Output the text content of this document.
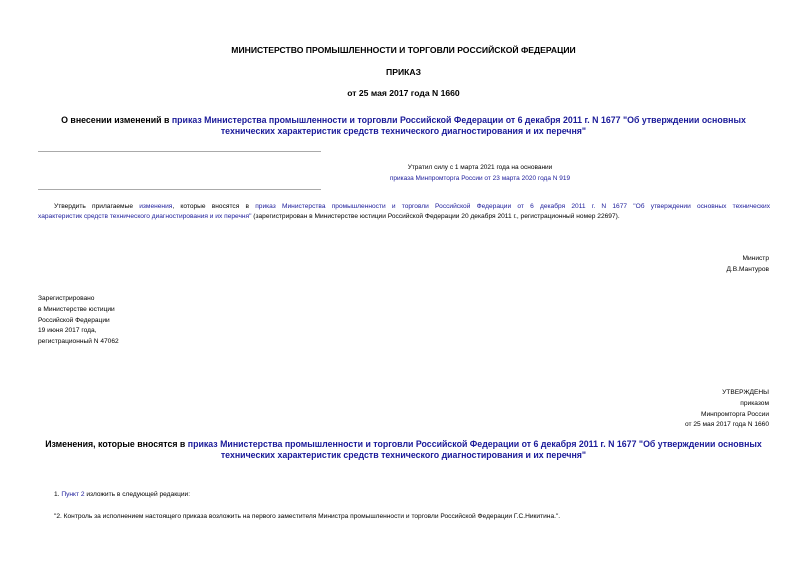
МИНИСТЕРСТВО ПРОМЫШЛЕННОСТИ И ТОРГОВЛИ РОССИЙСКОЙ ФЕДЕРАЦИИ
ПРИКАЗ
от 25 мая 2017 года N 1660
О внесении изменений в приказ Министерства промышленности и торговли Российской Федерации от 6 декабря 2011 г. N 1677 "Об утверждении основных
технических характеристик средств технического диагностирования и их перечня"
Утратил силу с 1 марта 2021 года на основании
приказа Минпромторга России от 23 марта 2020 года N 919
Утвердить прилагаемые изменения, которые вносятся в приказ Министерства промышленности и торговли Российской Федерации от 6 декабря 2011 г. N 1677 "Об утверждении основных технических
характеристик средств технического диагностирования и их перечня" (зарегистрирован в Министерстве юстиции Российской Федерации 20 декабря 2011 г., регистрационный номер 22697).
Министр
Д.В.Мантуров
Зарегистрировано
в Министерстве юстиции
Российской Федерации
19 июня 2017 года,
регистрационный N 47062
УТВЕРЖДЕНЫ
приказом
Минпромторга России
от 25 мая 2017 года N 1660
Изменения, которые вносятся в приказ Министерства промышленности и торговли Российской Федерации от 6 декабря 2011 г. N 1677 "Об утверждении основных
технических характеристик средств технического диагностирования и их перечня"
1. Пункт 2 изложить в следующей редакции:
"2. Контроль за исполнением настоящего приказа возложить на первого заместителя Министра промышленности и торговли Российской Федерации Г.С.Никитина.".
